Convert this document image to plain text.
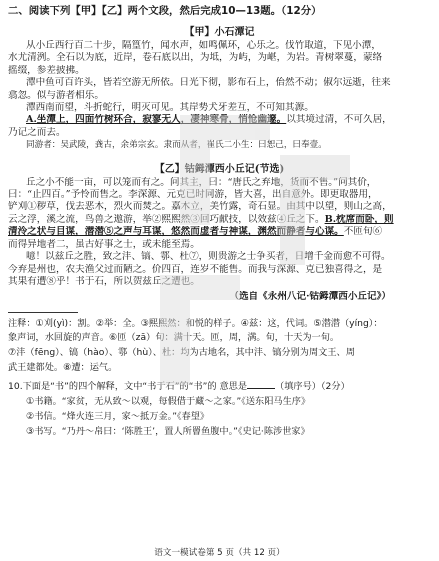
二、阅读下列【甲】【乙】两个文段，然后完成10—13题。（12分）
【甲】小石潭记
从小丘西行百二十步，隔篁竹，闻水声，如鸣佩环，心乐之。伐竹取道，下见小潭，
水尤清洌。全石以为底，近岸，卷石底以出，为坻，为屿，为嵁，为岩。青树翠蔓，蒙络
摇缀，参差披拂。
潭中鱼可百许头，皆若空游无所依。日光下彻，影布石上，佁然不动；俶尔远逝，往来
翕忽。似与游者相乐。
潭西南而望，斗折蛇行，明灭可见。其岸势犬牙差互，不可知其源。
A.坐潭上，四面竹树环合，寂寥无人，凄神寒骨，悄怆幽邃。以其境过清，不可久居，
乃记之而去。
同游者：吴武陵，龚古，余弟宗玄。隶而从者，崔氏二小生：曰恕己，曰奉壹。
【乙】钴鉧潭西小丘记(节选)
丘之小不能一亩，可以笼而有之。问其主，曰：“唐氏之弃地，货而不售。”问其价，
曰：“止四百。”予怜而售之。李深源、元克已时同游，皆大喜，出自意外。即更取器用，
铲刈①秽草，伐去恶木，烈火而焚之。嘉木立，美竹露，奇石显。由其中以望，则山之高，
云之浮，溪之流，鸟兽之遨游，举②熙熙然③回巧献技，以效兹④丘之下。B.枕席而卧，则
清泠之状与目谋，潜潜⑤之声与耳谋，悠然而虚者与神谋，渊然而静者与心谋。不匝旬⑥
而得异地者二，虽古好事之士，或未能至焉。
噫！以兹丘之胜，致之沣、镐、鄠、杜⑦，则贵游之士争买者，日增千金而愈不可得。
今弃是州也，农夫渔父过而陋之。价四百，连岁不能售。而我与深源、克已独喜得之，是
其果有遭⑧乎！书于石，所以贺兹丘之遭也。
（选自《永州八记·钴鉧潭西小丘记》）
注释：①刈(yì)：割。②举：全。③熙熙然：和悦的样子。④兹：这，代词。⑤潜潜（yíng）：
象声词，水回旋的声音。⑥匝（zā）旬：满十天。匝，周，满。旬，十天为一旬。
⑦沣（fēng）、镐（hào）、鄠（hù）、杜：均为古地名，其中沣、镐分别为周文王、周
武王建都处。⑧遭：运气。
10.下面是“书”的四个解释，文中“书于石”的“书”的 意思是	（填序号）（2分）
①书籍。“家贫，无从致～以观，每假借于藏～之家。”《送东阳马生序》
②书信。“烽火连三月，家～抵万金。”《春望》
③书写。“乃丹～帛曰：‘陈胜王’，置人所罾鱼腹中。”《史记·陈涉世家》
语文一模试卷第 5 页（共 12 页）
